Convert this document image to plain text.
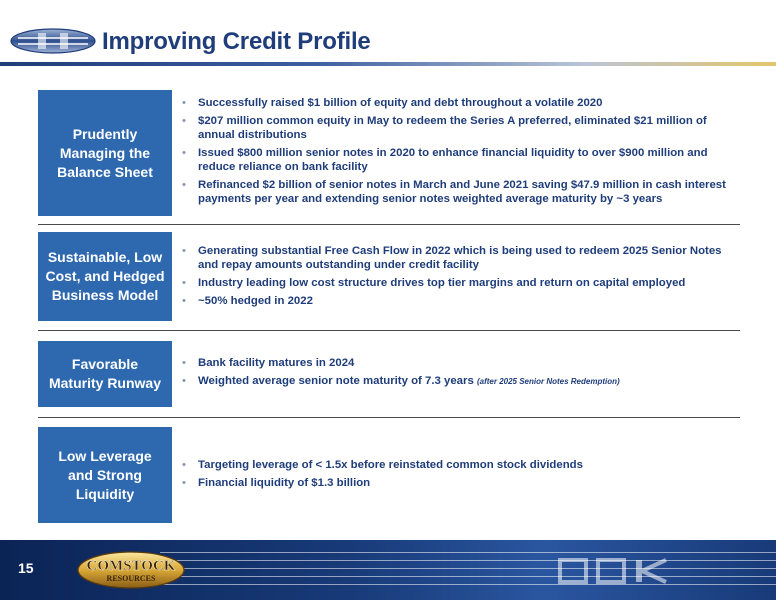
Improving Credit Profile
Prudently Managing the Balance Sheet
• Successfully raised $1 billion of equity and debt throughout a volatile 2020
• $207 million common equity in May to redeem the Series A preferred, eliminated $21 million of annual distributions
• Issued $800 million senior notes in 2020 to enhance financial liquidity to over $900 million and reduce reliance on bank facility
• Refinanced $2 billion of senior notes in March and June 2021 saving $47.9 million in cash interest payments per year and extending senior notes weighted average maturity by ~3 years
Sustainable, Low Cost, and Hedged Business Model
• Generating substantial Free Cash Flow in 2022 which is being used to redeem 2025 Senior Notes and repay amounts outstanding under credit facility
• Industry leading low cost structure drives top tier margins and return on capital employed
• ~50% hedged in 2022
Favorable Maturity Runway
• Bank facility matures in 2024
• Weighted average senior note maturity of 7.3 years (after 2025 Senior Notes Redemption)
Low Leverage and Strong Liquidity
• Targeting leverage of < 1.5x before reinstated common stock dividends
• Financial liquidity of $1.3 billion
15	COMSTOCK
RESOURCES
